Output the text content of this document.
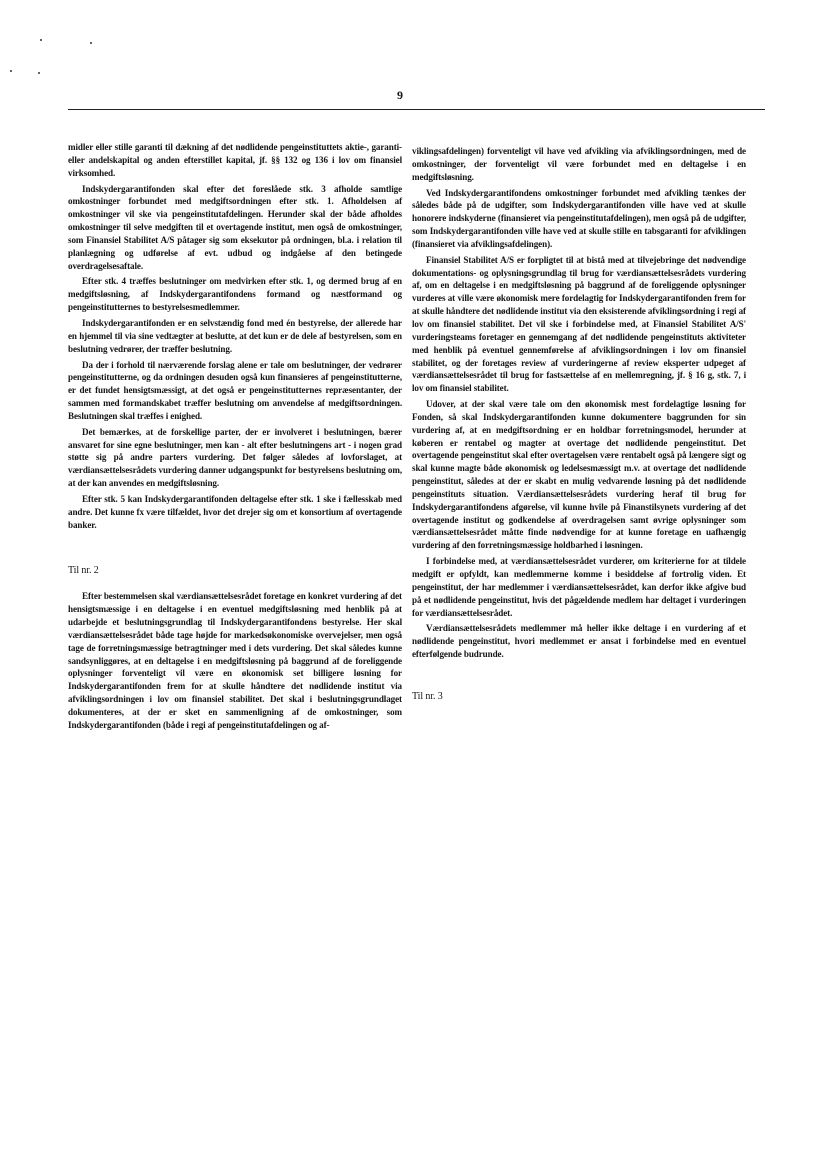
9

midler eller stille garanti til dækning af det nødlidende pengeinstituttets aktie-, garanti- eller andelskapital og anden efterstillet kapital, jf. §§ 132 og 136 i lov om finansiel virksomhed.

Indskydergarantifonden skal efter det foreslåede stk. 3 afholde samtlige omkostninger forbundet med medgiftsordningen efter stk. 1. Afholdelsen af omkostninger vil ske via pengeinstitutafdelingen. Herunder skal der både afholdes omkostninger til selve medgiften til et overtagende institut, men også de omkostninger, som Finansiel Stabilitet A/S påtager sig som eksekutor på ordningen, bl.a. i relation til planlægning og udførelse af evt. udbud og indgåelse af den betingede overdragelsesaftale.

Efter stk. 4 træffes beslutninger om medvirken efter stk. 1, og dermed brug af en medgiftsløsning, af Indskydergarantifondens formand og næstformand og pengeinstitutternes to bestyrelsesmedlemmer.

Indskydergarantifonden er en selvstændig fond med én bestyrelse, der allerede har en hjemmel til via sine vedtægter at beslutte, at det kun er de dele af bestyrelsen, som en beslutning vedrører, der træffer beslutning.

Da der i forhold til nærværende forslag alene er tale om beslutninger, der vedrører pengeinstitutterne, og da ordningen desuden også kun finansieres af pengeinstitutterne, er det fundet hensigtsmæssigt, at det også er pengeinstitutternes repræsentanter, der sammen med formandskabet træffer beslutning om anvendelse af medgiftsordningen. Beslutningen skal træffes i enighed.

Det bemærkes, at de forskellige parter, der er involveret i beslutningen, bærer ansvaret for sine egne beslutninger, men kan - alt efter beslutningens art - i nogen grad støtte sig på andre parters vurdering. Det følger således af lovforslaget, at værdiansættelsesrådets vurdering danner udgangspunkt for bestyrelsens beslutning om, at der kan anvendes en medgiftsløsning.

Efter stk. 5 kan Indskydergarantifonden deltagelse efter stk. 1 ske i fællesskab med andre. Det kunne fx være tilfældet, hvor det drejer sig om et konsortium af overtagende banker.

Til nr. 2

Efter bestemmelsen skal værdiansættelsesrådet foretage en konkret vurdering af det hensigtsmæssige i en deltagelse i en eventuel medgiftsløsning med henblik på at udarbejde et beslutningsgrundlag til Indskydergarantifondens bestyrelse. Her skal værdiansættelsesrådet både tage højde for markedsøkonomiske overvejelser, men også tage de forretningsmæssige betragtninger med i dets vurdering. Det skal således kunne sandsynliggøres, at en deltagelse i en medgiftsløsning på baggrund af de foreliggende oplysninger forventeligt vil være en økonomisk set billigere løsning for Indskydergarantifonden frem for at skulle håndtere det nødlidende institut via afviklingsordningen i lov om finansiel stabilitet. Det skal i beslutningsgrundlaget dokumenteres, at der er sket en sammenligning af de omkostninger, som Indskydergarantifonden (både i regi af pengeinstitutafdelingen og af-

viklingsafdelingen) forventeligt vil have ved afvikling via afviklingsordningen, med de omkostninger, der forventeligt vil være forbundet med en deltagelse i en medgiftsløsning.

Ved Indskydergarantifondens omkostninger forbundet med afvikling tænkes der således både på de udgifter, som Indskydergarantifonden ville have ved at skulle honorere indskyderne (finansieret via pengeinstitutafdelingen), men også på de udgifter, som Indskydergarantifonden ville have ved at skulle stille en tabsgaranti for afviklingen (finansieret via afviklingsafdelingen).

Finansiel Stabilitet A/S er forpligtet til at bistå med at tilvejebringe det nødvendige dokumentations- og oplysningsgrundlag til brug for værdiansættelsesrådets vurdering af, om en deltagelse i en medgiftsløsning på baggrund af de foreliggende oplysninger vurderes at ville være økonomisk mere fordelagtig for Indskydergarantifonden frem for at skulle håndtere det nødlidende institut via den eksisterende afviklingsordning i regi af lov om finansiel stabilitet. Det vil ske i forbindelse med, at Finansiel Stabilitet A/S' vurderingsteams foretager en gennemgang af det nødlidende pengeinstituts aktiviteter med henblik på eventuel gennemførelse af afviklingsordningen i lov om finansiel stabilitet, og der foretages review af vurderingerne af review eksperter udpeget af værdiansættelsesrådet til brug for fastsættelse af en mellemregning, jf. § 16 g, stk. 7, i lov om finansiel stabilitet.

Udover, at der skal være tale om den økonomisk mest fordelagtige løsning for Fonden, så skal Indskydergarantifonden kunne dokumentere baggrunden for sin vurdering af, at en medgiftsordning er en holdbar forretningsmodel, herunder at køberen er rentabel og magter at overtage det nødlidende pengeinstitut. Det overtagende pengeinstitut skal efter overtagelsen være rentabelt også på længere sigt og skal kunne magte både økonomisk og ledelsesmæssigt m.v. at overtage det nødlidende pengeinstitut, således at der er skabt en mulig vedvarende løsning på det nødlidende pengeinstituts situation. Værdiansættelsesrådets vurdering heraf til brug for Indskydergarantifondens afgørelse, vil kunne hvile på Finanstilsynets vurdering af det overtagende institut og godkendelse af overdragelsen samt øvrige oplysninger som værdiansættelsesrådet måtte finde nødvendige for at kunne foretage en uafhængig vurdering af den forretningsmæssige holdbarhed i løsningen.

I forbindelse med, at værdiansættelsesrådet vurderer, om kriterierne for at tildele medgift er opfyldt, kan medlemmerne komme i besiddelse af fortrolig viden. Et pengeinstitut, der har medlemmer i værdiansættelsesrådet, kan derfor ikke afgive bud på et nødlidende pengeinstitut, hvis det pågældende medlem har deltaget i vurderingen for værdiansættelsesrådet.

Værdiansættelsesrådets medlemmer må heller ikke deltage i en vurdering af et nødlidende pengeinstitut, hvori medlemmet er ansat i forbindelse med en eventuel efterfølgende budrunde.

Til nr. 3
